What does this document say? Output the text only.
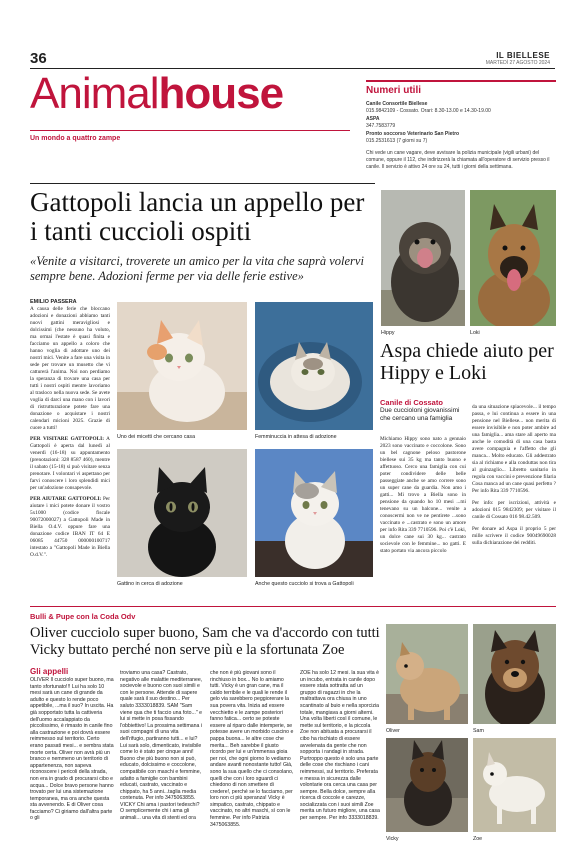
36	IL BIELLESE
MARTEDÌ 27 AGOSTO 2024
Animalhouse
Un mondo a quattro zampe
Numeri utili
Canile Consortile Biellese
015.9842109 - Cossato. Orari: 8.30-13.00 e 14.30-19.00
ASPA
347.7583779
Pronto soccorso Veterinario San Pietro
015.2531613 (7 giorni su 7)
Chi vede un cane vagare, deve avvisare la polizia municipale (vigili urbani) del comune, oppure il 112, che indirizzerà la chiamata all'operatore di servizio presso il canile. Il servizio è attivo 24 ore su 24, tutti i giorni della settimana.
Gattopoli lancia un appello per i tanti cuccioli ospiti
«Venite a visitarci, troverete un amico per la vita che saprà volervi sempre bene. Adozioni ferme per via delle ferie estive»
EMILIO PASSERA
A causa delle ferie che bloccano adozioni e donazioni abbiamo tanti nuovi gattini meravigliosi e dolcissimi (che nessuno ha voluto, ma ormai l'estate è quasi finita e facciamo un appello a coloro che hanno voglia di adottare uno dei nostri mici. Venite a fare una visita in sede per trovare un musetto che vi catturerà l'anima. Noi non perdiamo la speranza di trovare una casa per tutti i nostri ospiti mentre lavoriamo al trasloco nella nuova sede. Se avete voglia di darci una mano con i lavori di ristrutturazione potete fare una donazione o acquistare i nostri calendari micioni 2025. Grazie di cuore a tutti!
PER VISITARE GATTOPOLI: A Gattopoli è aperta dal lunedì al venerdì (16-18) su appuntamento (prenotazioni: 328 8587 460), mentre il sabato (15-18) si può visitare senza prenotare. I volontari vi aspettano per farvi conoscere i loro splendidi mici per un'adozione consapevole.
PER AIUTARE GATTOPOLI: Per aiutare i mici potete donare il vostro 5x1000 (codice fiscale 90072000027) a Gattopoli Made in Biella O.d.V. oppure fare una donazione codice IBAN IT 64 E 06085 44750 000000100717 intestato a "Gattopoli Made in Biella O.d.V.".
Uno dei micetti che cercano casa	Femminuccia in attesa di adozione
Gattino in cerca di adozione	Anche questo cucciolo si trova a Gattopoli
Hippy	Loki
Aspa chiede aiuto per Hippy e Loki
Canile di Cossato
Due cuccioloni giovanissimi che cercano una famiglia
Michiamo Hippy sono nato a gennaio 2023 sono vaccinato e coccolone. Sono un bel cagnone peloso pastorone biellese sui 35 kg ma tanto buono e affettuoso. Cerco una famiglia con cui poter condividere delle belle passeggiate anche se amo correre sono un super cane da guardia. Non amo i gatti... Mi trovo a Biella sono in pensione da quando ho 10 mesi ...mi tenevano su un balcone... venite a conoscermi non ve ne pentirete ...sono vaccinato e ...castrato e sono un amore per info Rita 339 7710596. Poi c'è Loki, un dolce cane sui 30 kg... castrato socievole con le femmine... no gatti. E stato portato via ancora piccolo
da una situazione spiacevole... il tempo passa, e lui continua a essere in una pensione nel Biellese... non merita di essere invisibile e non poter ambire ad una famiglia... ama stare all aperto ma anche le comodità di una casa basta avere compagnia e l'affetto che gli manca... Molto educato. Gli addestrato sia al richiamo e alla conduttas non tira al guinzaglio... Libretto sanitario in regola con vaccini e prevenzione filaria Cosa manca ad un cane quasi perfetto ? Per info Rita 339 7710596.
Per info: per iscrizioni, attività e adozioni 015 9842309; per visitare il canile di Cossato 016 98.42.509.
Per donare ad Aspa il proprio 5 per mille scrivere il codice 90049690028 sulla dichiarazione dei redditi.
Bulli & Pupe con la Coda Odv
Oliver cucciolo super buono, Sam che va d'accordo con tutti Vicky buttato perché non serve più e la sfortunata Zoe
Gli appelli
OLIVER Il cucciolo super buono, ma tanto sfortunato!!! Lui ha solo 10 mesi sarà un cane di grande da adulto e questo lo rende poco appetibile, ...ma il suo? In uscita. Ha già sopportato tutta la cattiveria dell'uomo accalappiato da piccolissimo, è rimasto in canile fino alla castrazione e poi dovrà essere reimmesso sul territorio. Certo erano passati mesi... e sembra stata morte certa. Oliver non avrà più un branco e nemmeno un territorio di appartenenza, non sapeva riconoscere i pericoli della strada, non era in grado di procurarsi cibo e acqua... Dolce bravo persone hanno trovato per lui una sistemazione temporanea, ma ora anche questa sta avvenendo. E di Oliver cosa facciamo? Ci giriamo dall'altra parte o gli
troviamo una casa? Castrato, negativo alle malattie mediterranee, socievole e buono con suoi simili e con le persone. Attende di sapere quale sarà il suo destino... Per saluto 3333018839. SAM "Sam viene qua che ti faccio una foto..." e lui si mette in posa fissando l'obbiettivo! La prossima settimana i suoi compagni di una vita dell'rifugio, partiranno tutti... e lui? Lui sarà solo, dimenticato, invisibile come lo è stato per cinque anni! Buono che più buono non si può, educato, dolcissimo e coccolone, compatibile con maschi e femmine, adatto a famiglie con bambini educati, castrato, vaccinato e chippato, ha 5 anni...taglia media contenuta. Per info 3475063855. VICKY Chi ama i pastori tedeschi? O semplicemente chi i ama gli animali... una vita di stenti ed ora
che non è più giovani sono il rinchiuso in box... No lo amiamo tutti. Vicky è un gran cane, ma il caldo terribile e le quali le rende il gelo via sarebbero peggiorerare la sua povera vita. Inizia ad essere vecchietto e le zampe posteriori fanno fatica... certo se poteste essere al riparo dalle intemperie, se potesse avere un morbido cuscino e pappa buona... le altre cose che merita... Beh sarebbe il giusto ricordo per lui e un'immensa gioia per noi, che ogni giorno lo vediamo andare avanti nonostante tutto! Già, sono la sua quello che ci consolano, quelli che con i loro sguardi ci chiedono di non smettere di credere!, perché se lo facciamo, per loro non ci più speranza! Vicky è simpatico, castrato, chippato e vaccinato, no altri maschi, sì con le femmine. Per info Patrizia 3475063855.
ZOE ha solo 12 mesi. la sua vita è un incubo, entrata in canile dopo essere stata sottratta ad un gruppo di ragazzi in che la maltrattava ora chiusa in uno scantinato al buio e nella sporcizia totale, mangiava a giorni alterni. Una volta liberti così il comune, le mette sul territorio, e la piccola Zoe non abituata a procurarsi il cibo ha rischiato di essere avvelenata da gente che non sopporta i randagi in strada. Purtroppo questo è solo una parte delle cose che rischiano i cani reimmessi, sul territorio. Preferata e messa in sicurezza dalle volontarie ora cerca una casa per sempre. Bella dolce, sempre alla ricerca di coccole e carezze, socializzata con i suoi simili Zoe merita un futuro migliore, una casa per sempre. Per info 3333018839.
Oliver	Sam
Vicky	Zoe
